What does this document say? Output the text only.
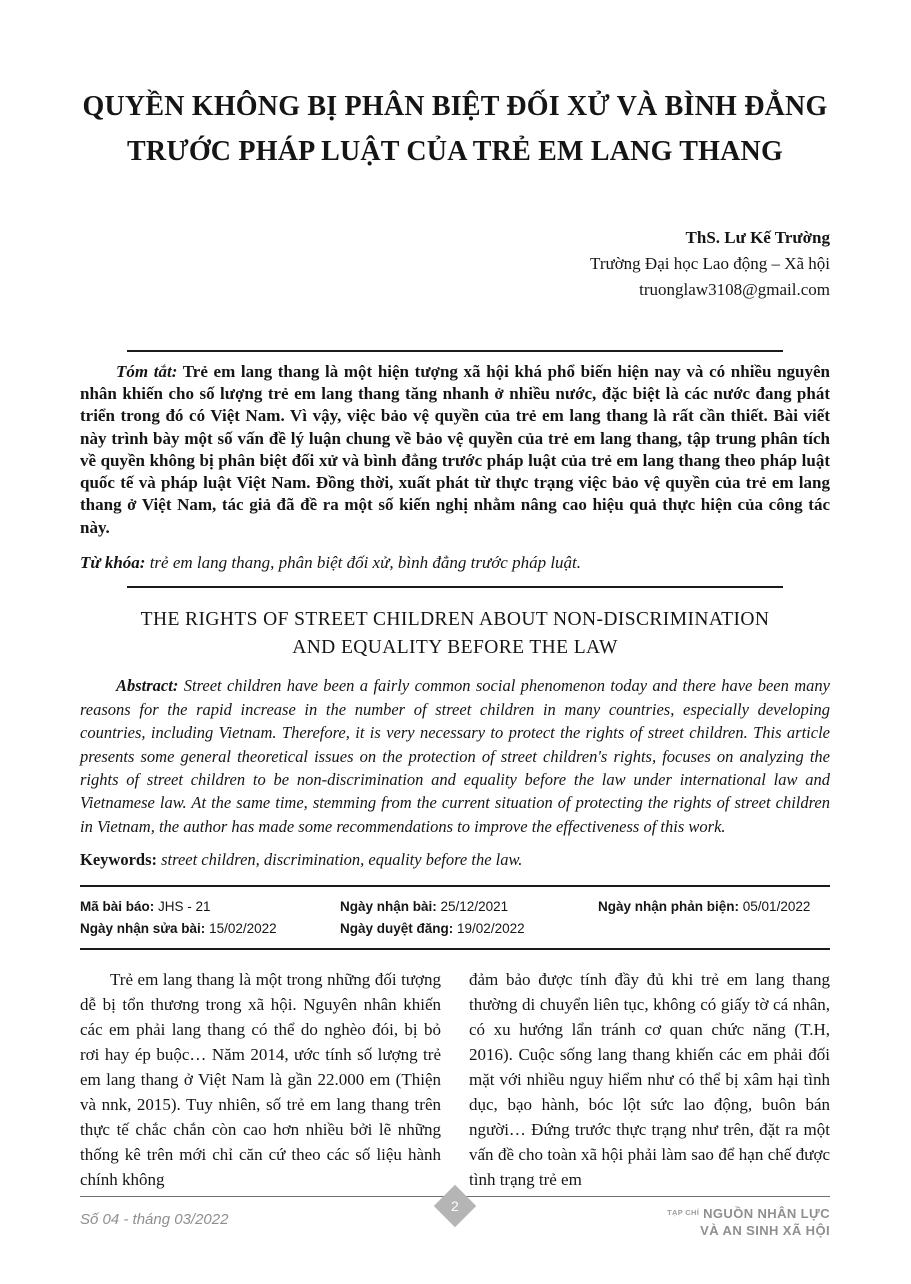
QUYỀN KHÔNG BỊ PHÂN BIỆT ĐỐI XỬ VÀ BÌNH ĐẲNG
TRƯỚC PHÁP LUẬT CỦA TRẺ EM LANG THANG
ThS. Lư Kế Trường
Trường Đại học Lao động – Xã hội
truonglaw3108@gmail.com

Tóm tắt: Trẻ em lang thang là một hiện tượng xã hội khá phổ biến hiện nay và có nhiều nguyên nhân khiến cho số lượng trẻ em lang thang tăng nhanh ở nhiều nước, đặc biệt là các nước đang phát triển trong đó có Việt Nam. Vì vậy, việc bảo vệ quyền của trẻ em lang thang là rất cần thiết. Bài viết này trình bày một số vấn đề lý luận chung về bảo vệ quyền của trẻ em lang thang, tập trung phân tích về quyền không bị phân biệt đối xử và bình đẳng trước pháp luật của trẻ em lang thang theo pháp luật quốc tế và pháp luật Việt Nam. Đồng thời, xuất phát từ thực trạng việc bảo vệ quyền của trẻ em lang thang ở Việt Nam, tác giả đã đề ra một số kiến nghị nhằm nâng cao hiệu quả thực hiện của công tác này.

Từ khóa: trẻ em lang thang, phân biệt đối xử, bình đẳng trước pháp luật.

THE RIGHTS OF STREET CHILDREN ABOUT NON-DISCRIMINATION
AND EQUALITY BEFORE THE LAW

Abstract: Street children have been a fairly common social phenomenon today and there have been many reasons for the rapid increase in the number of street children in many countries, especially developing countries, including Vietnam. Therefore, it is very necessary to protect the rights of street children. This article presents some general theoretical issues on the protection of street children's rights, focuses on analyzing the rights of street children to be non-discrimination and equality before the law under international law and Vietnamese law. At the same time, stemming from the current situation of protecting the rights of street children in Vietnam, the author has made some recommendations to improve the effectiveness of this work.

Keywords: street children, discrimination, equality before the law.

Mã bài báo: JHS - 21	Ngày nhận bài: 25/12/2021	Ngày nhận phản biện: 05/01/2022
Ngày nhận sửa bài: 15/02/2022	Ngày duyệt đăng: 19/02/2022

Trẻ em lang thang là một trong những đối tượng dễ bị tổn thương trong xã hội. Nguyên nhân khiến các em phải lang thang có thể do nghèo đói, bị bỏ rơi hay ép buộc… Năm 2014, ước tính số lượng trẻ em lang thang ở Việt Nam là gần 22.000 em (Thiện và nnk, 2015). Tuy nhiên, số trẻ em lang thang trên thực tế chắc chắn còn cao hơn nhiều bởi lẽ những thống kê trên mới chỉ căn cứ theo các số liệu hành chính không

đảm bảo được tính đầy đủ khi trẻ em lang thang thường di chuyển liên tục, không có giấy tờ cá nhân, có xu hướng lẩn tránh cơ quan chức năng (T.H, 2016). Cuộc sống lang thang khiến các em phải đối mặt với nhiều nguy hiểm như có thể bị xâm hại tình dục, bạo hành, bóc lột sức lao động, buôn bán người… Đứng trước thực trạng như trên, đặt ra một vấn đề cho toàn xã hội phải làm sao để hạn chế được tình trạng trẻ em

Số 04 - tháng 03/2022
2	$^{TẠP CHÍ}$ NGUỒN NHÂN LỰC
VÀ AN SINH XÃ HỘI
